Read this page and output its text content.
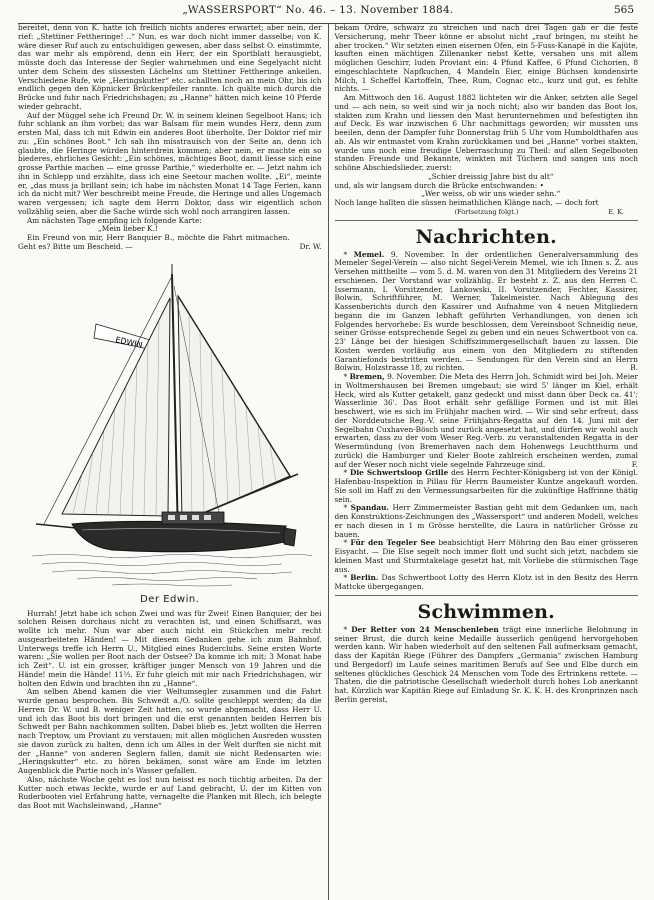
„WASSERSPORT“ No. 46. – 13. November 1884.	565

bereitet, denn von K. hatte ich freilich nichts anderes erwartet; aber nein, der rief: „Stettiner Fettheringe! ..“ Nun, es war doch nicht immer dasselbe; von K. wäre dieser Ruf auch zu entschuldigen gewesen, aber dass selbst O. einstimmte, das war mehr als empörend, denn ein Herr, der ein Sportblatt herausgiebt, müsste doch das Interesse der Segler wahrnehmen und eine Segelyacht nicht unter dem Schein des süssesten Lächelns um Stettiner Fettheringe ankeilen. Verschiedene Rufe, wie „Heringskutter“ etc. schallten noch an mein Ohr, bis ich endlich gegen den Köpnicker Brückenpfeiler rannte. Ich quälte mich durch die Brücke und fuhr nach Friedrichshagen; zu „Hanne“ hätten mich keine 10 Pferde wieder gebracht.

Auf der Müggel sehe ich Freund Dr. W. in seinem kleinen Segelboot Hans; ich fuhr schlank an ihm vorbei; das war Balsam für mein wundes Herz, denn zum ersten Mal, dass ich mit Edwin ein anderes Boot überholte. Der Doktor rief mir zu: „Ein schönes Boot.“ Ich sah ihn misstrauisch von der Seite an, denn ich glaubte, die Heringe würden hinterdrein kommen; aber nein, er machte ein so biederes, ehrliches Gesicht: „Ein schönes, mächtiges Boot, damit liesse sich eine grosse Parthie machen — eine grosse Parthie,“ wiederholte er. — Jetzt nahm ich ihn in Schlepp und erzählte, dass ich eine Seetour machen wollte. „Ei“, meinte er, „das muss ja brillant sein; ich habe im nächsten Monat 14 Tage Ferien, kann ich da nicht mit? Wer beschreibt meine Freude, die Heringe und alles Ungemach waren vergessen; ich sagte dem Herrn Doktor, dass wir eigentlich schon vollzählig seien, aber die Sache würde sich wohl noch arrangiren lassen.

Am nächsten Tage empfing ich folgende Karte:

„Mein lieber K.!

Ein Freund von mir, Herr Banquier B., möchte die Fahrt mitmachen. Geht es? Bitte um Bescheid. —	Dr. W.
EDWIN
Der Edwin.

Hurrah! Jetzt habe ich schon Zwei und was für Zwei! Einen Banquier, der bei solchen Reisen durchaus nicht zu verachten ist, und einen Schiffsarzt, was wollte ich mehr. Nun war aber auch nicht ein Stückchen mehr recht ausgearbeiteten Händen! — Mit diesem Gedanken gehe ich zum Bahnhof. Unterwegs treffe ich Herrn U., Mitglied eines Ruderclubs. Seine ersten Worte waren: „Sie wollen per Boot nach der Ostsee? Da komme ich mit; 3 Monat habe ich Zeit“. U. ist ein grosser, kräftiger junger Mensch von 19 Jahren und die Hände! mein die Hände! 11½. Er fuhr gleich mit mir nach Friedrichshagen, wir holten den Edwin und brachten ihn zu „Hanne“.

Am selben Abend kamen die vier Weltumsegler zusammen und die Fahrt wurde genau besprochen. Bis Schwedt a./O. sollte geschleppt werden; da die Herren Dr. W. und B. weniger Zeit hatten, so wurde abgemacht, dass Herr U. und ich das Boot bis dort bringen und die erst genannten beiden Herren bis Schwedt per Bahn nachkommen sollten. Dabei blieb es. Jetzt wollten die Herren nach Treptow, um Proviant zu verstauen; mit allen möglichen Ausreden wussten sie davon zurück zu halten, denn ich um Alles in der Welt durften sie nicht mit der „Hanne“ von anderen Seglern fallen, damit sie nicht Redensarten wie: „Heringskutter“ etc. zu hören bekämen, sonst wäre am Ende im letzten Augenblick die Partie noch in's Wasser gefallen.

Also, nächste Woche geht es los! nun heisst es noch tüchtig arbeiten. Da der Kutter noch etwas leckte, wurde er auf Land gebracht, U. der im Kitten von Ruderbooten viel Erfahrung hatte, vernagelte die Planken mit Blech, ich belegte das Boot mit Wachsleinwand, „Hanne“

bekam Ordre, schwarz zu streichen und nach drei Tagen gab er die feste Versicherung, mehr Theer könne er absolut nicht „rauf bringen, nu steiht he aber trocken.“ Wir setzten einen eisernen Ofen, ein 5-Fuss-Kanapé in die Kajüte, kauften einen mächtigen Zillenanker nebst Kette, versahen uns mit allem möglichen Geschirr, luden Proviant ein: 4 Pfund Kaffee, 6 Pfund Cichorien, 8 eingeschlachtete Napfkuchen, 4 Mandeln Eier, einige Büchsen kondensirte Milch, 1 Scheffel Kartoffeln, Thee, Rum, Cognac etc., kurz und gut, es fehlte nichts. —

Am Mittwoch den 16. August 1882 lichteten wir die Anker, setzten alle Segel und — ach nein, so weit sind wir ja noch nicht; also wir banden das Boot los, stakten zum Krahn und liessen den Mast herunternehmen und befestigten ihn auf Deck. Es war inzwischen 6 Uhr nachmittags geworden; wir mussten uns beeilen, denn der Dampfer fuhr Donnerstag früh 5 Uhr vom Humboldthafen aus ab. Als wir entmastet vom Krahn zurückkamen und bei „Hanne“ vorbei stakten, wurde uns noch eine freudige Ueberraschung zu Theil: auf allen Segelbooten standen Freunde und Bekannte, winkten mit Tüchern und sangen uns noch schöne Abschiedslieder, zuerst:

„Schier dreissig Jahre bist du alt“

und, als wir langsam durch die Brücke entschwanden: •

„Wer weiss, ob wir uns wieder sehn.“

Noch lange hallten die süssen heimathlichen Klänge nach, — doch fort

(Fortsetzung folgt.)	E. K.
Nachrichten.

* Memel. 9. November. In der ordentlichen Generalversammlung des Memeler Segel-Verein — also nicht Segel-Verein Memel, wie ich Ihnen s. Z. aus Versehen mittheilte — vom 5. d. M. waren von den 31 Mitgliedern des Vereins 21 erschienen. Der Vorstand war vollzählig. Er besteht z. Z. aus den Herren C. Issermann, I. Vorsitzender, Lankowski, II. Vorsitzender, Fechter, Kassirer, Bolwin, Schriftführer, M. Werner, Takelmeister. Nach Ablegung des Kassenberichts durch den Kassirer und Aufnahme von 4 neuen Mitgliedern begann die im Ganzen lebhaft geführten Verhandlungen, von denen ich Folgendes hervorhebe: Es wurde beschlossen, dem Vereinsboot Schneidig neue, seiner Grösse entsprechende Segel zu geben und ein neues Schwertboot von ca. 23' Länge bei der hiesigen Schiffszimmergesellschaft bauen zu lassen. Die Kosten werden vorläufig aus einem von den Mitgliedern zu stiftenden Garantiefonds bestritten werden. — Sendungen für den Verein sind an Herrn Bolwin, Holzstrasse 18, zu richten.	B.

* Bremen, 9. November. Die Meta des Herrn Joh. Schmidt wird bei Joh. Meier in Woltmershausen bei Bremen umgebaut; sie wird 5' länger im Kiel, erhält Heck, wird als Kutter getakelt, ganz gedeckt und misst dann über Deck ca. 41'; Wasserlinie 36'. Das Boot erhält sehr gefällige Formen und ist mit Blei beschwert, wie es sich im Frühjahr machen wird. — Wir sind sehr erfreut, dass der Norddeutsche Reg.-V. seine Frühjahrs-Regatta auf den 14. Juni mit der Segelbahn Cuxhaven-Bösch und zurück angesetzt hat, und dürfen wir wohl auch erwarten, dass zu der vom Weser Reg.-Verb. zu veranstaltenden Regatta in der Wesermündung (von Bremerhaven nach dem Hohenwegs Leuchtthurm und zurück) die Hamburger und Kieler Boote zahlreich erscheinen werden, zumal auf der Weser noch nicht viele segelnde Fahrzeuge sind.	F.

* Die Schwertsloop Grille des Herrn Fechter-Königsberg ist von der Königl. Hafenbau-Inspektion in Pillau für Herrn Baumeister Kuntze angekauft worden. Sie soll im Haff zu den Vermessungsarbeiten für die zukünftige Haffrinne thätig sein.

* Spandau. Herr Zimmermeister Bastian geht mit dem Gedanken um, nach den Konstruktions-Zeichnungen des „Wassersport“ und anderen Modell, welches er nach diesen in 1 m Grösse herstellte, die Laura in natürlicher Grösse zu bauen.

* Für den Tegeler See beabsichtigt Herr Möhring den Bau einer grösseren Eisyacht. — Die Else segelt noch immer flott und sucht sich jetzt, nachdem sie kleinen Mast und Sturmtakelage gesetzt hat, mit Vorliebe die stürmischen Tage aus.

* Berlin. Das Schwertboot Lotty des Herrn Klotz ist in den Besitz des Herrn Mattcke übergegangen.

Schwimmen.

* Der Retter von 24 Menschenleben trägt eine innerliche Belohnung in seiner Brust, die durch keine Medaille äusserlich genügend hervorgehoben werden kann. Wir haben wiederholt auf den seltenen Fall aufmerksam gemacht, dass der Kapitän Riege (Führer des Dampfers „Germania“ zwischen Hamburg und Bergedorf) im Laufe seines maritimen Berufs auf See und Elbe durch ein seltenes glückliches Geschick 24 Menschen vom Tode des Ertrinkens rettete. — Thaten, die die patriotische Gesellschaft wiederholt durch hohes Lob anerkannt hat. Kürzlich war Kapitän Riege auf Einladung Sr. K. K. H. des Kronprinzen nach Berlin gereist,
